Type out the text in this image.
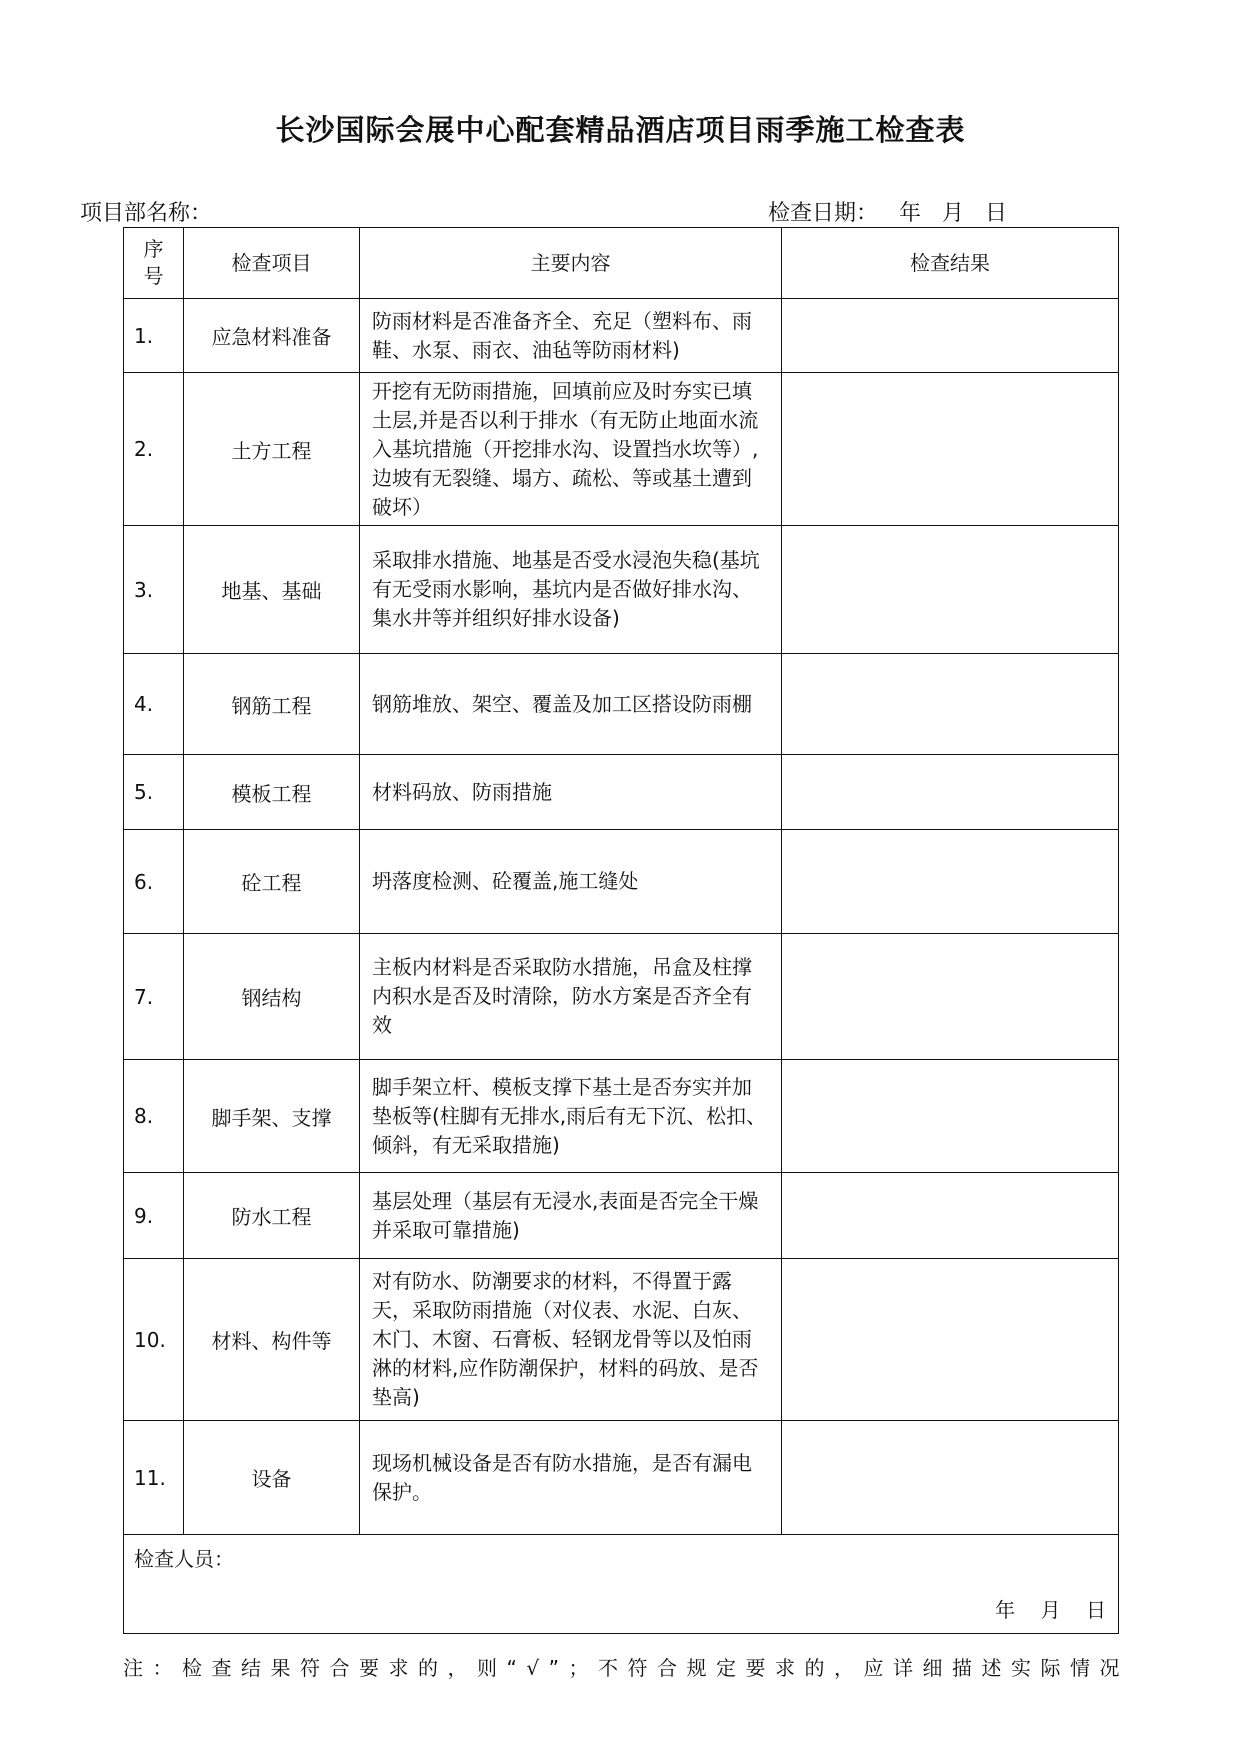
长沙国际会展中心配套精品酒店项目雨季施工检查表
项目部名称：	检查日期：   年   月   日
序
号	检查项目	主要内容	检查结果
1.	应急材料准备	防雨材料是否准备齐全、充足（塑料布、雨鞋、水泵、雨衣、油毡等防雨材料)	
2.	土方工程	开挖有无防雨措施，回填前应及时夯实已填土层,并是否以利于排水（有无防止地面水流入基坑措施（开挖排水沟、设置挡水坎等）,边坡有无裂缝、塌方、疏松、等或基土遭到破坏）	
3.	地基、基础	采取排水措施、地基是否受水浸泡失稳(基坑有无受雨水影响，基坑内是否做好排水沟、集水井等并组织好排水设备)	
4.	钢筋工程	钢筋堆放、架空、覆盖及加工区搭设防雨棚	
5.	模板工程	材料码放、防雨措施	
6.	砼工程	坍落度检测、砼覆盖,施工缝处	
7.	钢结构	主板内材料是否采取防水措施，吊盒及柱撑内积水是否及时清除，防水方案是否齐全有效	
8.	脚手架、支撑	脚手架立杆、模板支撑下基土是否夯实并加垫板等(柱脚有无排水,雨后有无下沉、松扣、倾斜，有无采取措施)	
9.	防水工程	基层处理（基层有无浸水,表面是否完全干燥并采取可靠措施)	
10.	材料、构件等	对有防水、防潮要求的材料，不得置于露天，采取防雨措施（对仪表、水泥、白灰、木门、木窗、石膏板、轻钢龙骨等以及怕雨淋的材料,应作防潮保护，材料的码放、是否垫高)	
11.	设备	现场机械设备是否有防水措施，是否有漏电保护。	

检查人员：
年    月    日			
注：检查结果符合要求的，则“√”；不符合规定要求的，应详细描述实际情况
